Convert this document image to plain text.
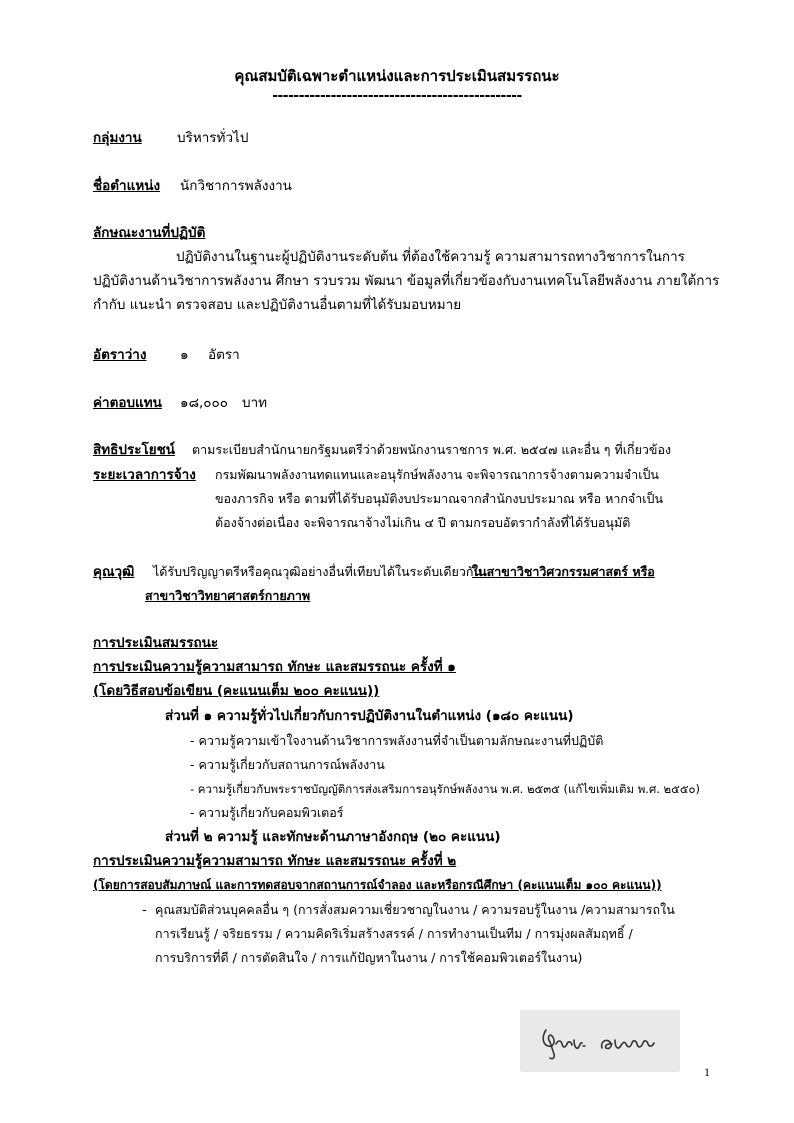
คุณสมบัติเฉพาะตำแหน่งและการประเมินสมรรถนะ
-----------------------------------------------
กลุ่มงาน	บริหารทั่วไป
ชื่อตำแหน่ง นักวิชาการพลังงาน
ลักษณะงานที่ปฏิบัติ
ปฏิบัติงานในฐานะผู้ปฏิบัติงานระดับต้น ที่ต้องใช้ความรู้ ความสามารถทางวิชาการในการ
ปฏิบัติงานด้านวิชาการพลังงาน ศึกษา รวบรวม พัฒนา ข้อมูลที่เกี่ยวข้องกับงานเทคโนโลยีพลังงาน ภายใต้การ
กำกับ แนะนำ ตรวจสอบ และปฏิบัติงานอื่นตามที่ได้รับมอบหมาย
อัตราว่าง ๑ อัตรา
ค่าตอบแทน ๑๘,๐๐๐ บาท
สิทธิประโยชน์ ตามระเบียบสำนักนายกรัฐมนตรีว่าด้วยพนักงานราชการ พ.ศ. ๒๕๔๗ และอื่น ๆ ที่เกี่ยวข้อง
ระยะเวลาการจ้าง กรมพัฒนาพลังงานทดแทนและอนุรักษ์พลังงาน จะพิจารณาการจ้างตามความจำเป็น
ของภารกิจ หรือ ตามที่ได้รับอนุมัติงบประมาณจากสำนักงบประมาณ หรือ หากจำเป็น
ต้องจ้างต่อเนื่อง จะพิจารณาจ้างไม่เกิน ๔ ปี ตามกรอบอัตรากำลังที่ได้รับอนุมัติ
คุณวุฒิ ได้รับปริญญาตรีหรือคุณวุฒิอย่างอื่นที่เทียบได้ในระดับเดียวกัน
ในสาขาวิชาวิศวกรรมศาสตร์ หรือ
สาขาวิชาวิทยาศาสตร์กายภาพ
การประเมินสมรรถนะ
การประเมินความรู้ความสามารถ ทักษะ และสมรรถนะ ครั้งที่ ๑
(โดยวิธีสอบข้อเขียน (คะแนนเต็ม ๒๐๐ คะแนน))
ส่วนที่ ๑ ความรู้ทั่วไปเกี่ยวกับการปฏิบัติงานในตำแหน่ง (๑๘๐ คะแนน)
- ความรู้ความเข้าใจงานด้านวิชาการพลังงานที่จำเป็นตามลักษณะงานที่ปฏิบัติ
- ความรู้เกี่ยวกับสถานการณ์พลังงาน
- ความรู้เกี่ยวกับพระราชบัญญัติการส่งเสริมการอนุรักษ์พลังงาน พ.ศ. ๒๕๓๕ (แก้ไขเพิ่มเติม พ.ศ. ๒๕๕๐)
- ความรู้เกี่ยวกับคอมพิวเตอร์
ส่วนที่ ๒ ความรู้ และทักษะด้านภาษาอังกฤษ (๒๐ คะแนน)
การประเมินความรู้ความสามารถ ทักษะ และสมรรถนะ ครั้งที่ ๒
(โดยการสอบสัมภาษณ์ และการทดสอบจากสถานการณ์จำลอง และหรือกรณีศึกษา (คะแนนเต็ม ๑๐๐ คะแนน))
- คุณสมบัติส่วนบุคคลอื่น ๆ (การสั่งสมความเชี่ยวชาญในงาน / ความรอบรู้ในงาน /ความสามารถใน
การเรียนรู้ / จริยธรรม / ความคิดริเริ่มสร้างสรรค์ / การทำงานเป็นทีม / การมุ่งผลสัมฤทธิ์ /
การบริการที่ดี / การตัดสินใจ / การแก้ปัญหาในงาน / การใช้คอมพิวเตอร์ในงาน)
1
